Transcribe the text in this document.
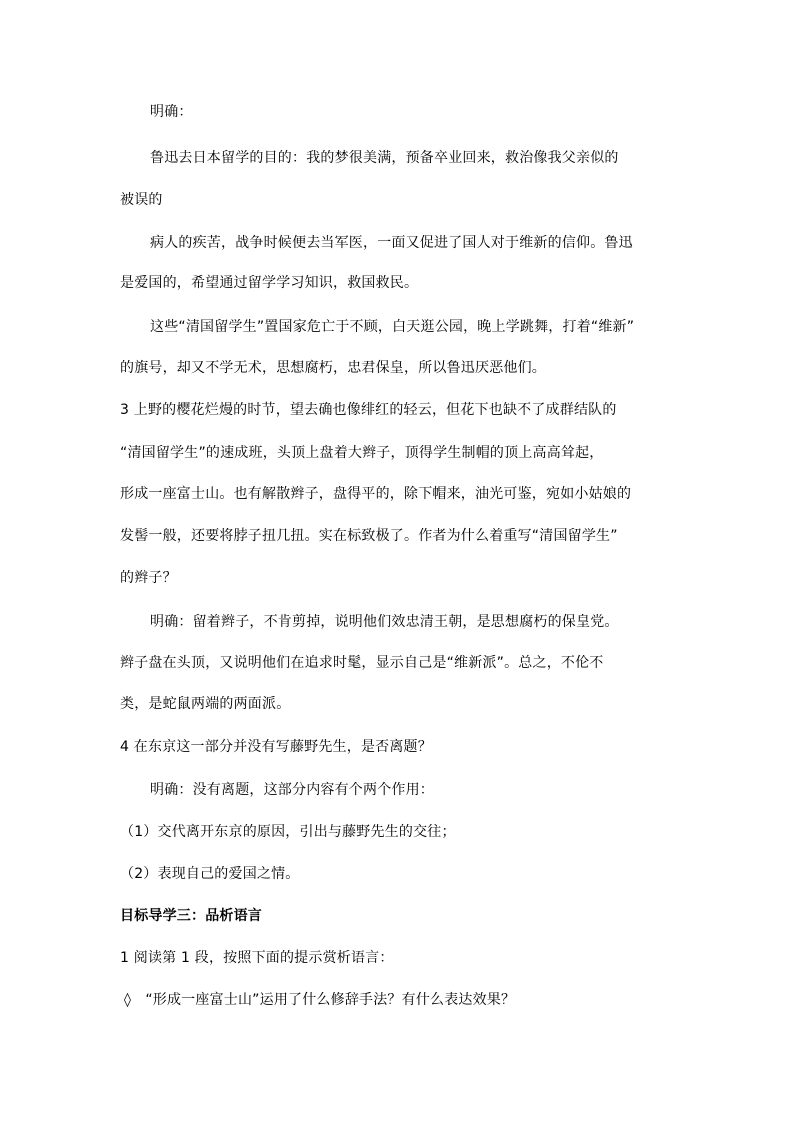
明确：
鲁迅去日本留学的目的：我的梦很美满，预备卒业回来，救治像我父亲似的
被误的
病人的疾苦，战争时候便去当军医，一面又促进了国人对于维新的信仰。鲁迅
是爱国的，希望通过留学学习知识，救国救民。
这些“清国留学生”置国家危亡于不顾，白天逛公园，晚上学跳舞，打着“维新”
的旗号，却又不学无术，思想腐朽，忠君保皇，所以鲁迅厌恶他们。
3 上野的樱花烂熳的时节，望去确也像绯红的轻云，但花下也缺不了成群结队的
“清国留学生”的速成班，头顶上盘着大辫子，顶得学生制帽的顶上高高耸起，
形成一座富士山。也有解散辫子，盘得平的，除下帽来，油光可鉴，宛如小姑娘的
发髻一般，还要将脖子扭几扭。实在标致极了。作者为什么着重写“清国留学生”
的辫子？
明确：留着辫子，不肯剪掉，说明他们效忠清王朝，是思想腐朽的保皇党。
辫子盘在头顶，又说明他们在追求时髦，显示自己是“维新派”。总之，不伦不
类，是蛇鼠两端的两面派。
4 在东京这一部分并没有写藤野先生，是否离题？
明确：没有离题，这部分内容有个两个作用：
（1）交代离开东京的原因，引出与藤野先生的交往；
（2）表现自己的爱国之情。
目标导学三：品析语言
1 阅读第 1 段，按照下面的提示赏析语言：
◊　“形成一座富士山”运用了什么修辞手法？有什么表达效果？
